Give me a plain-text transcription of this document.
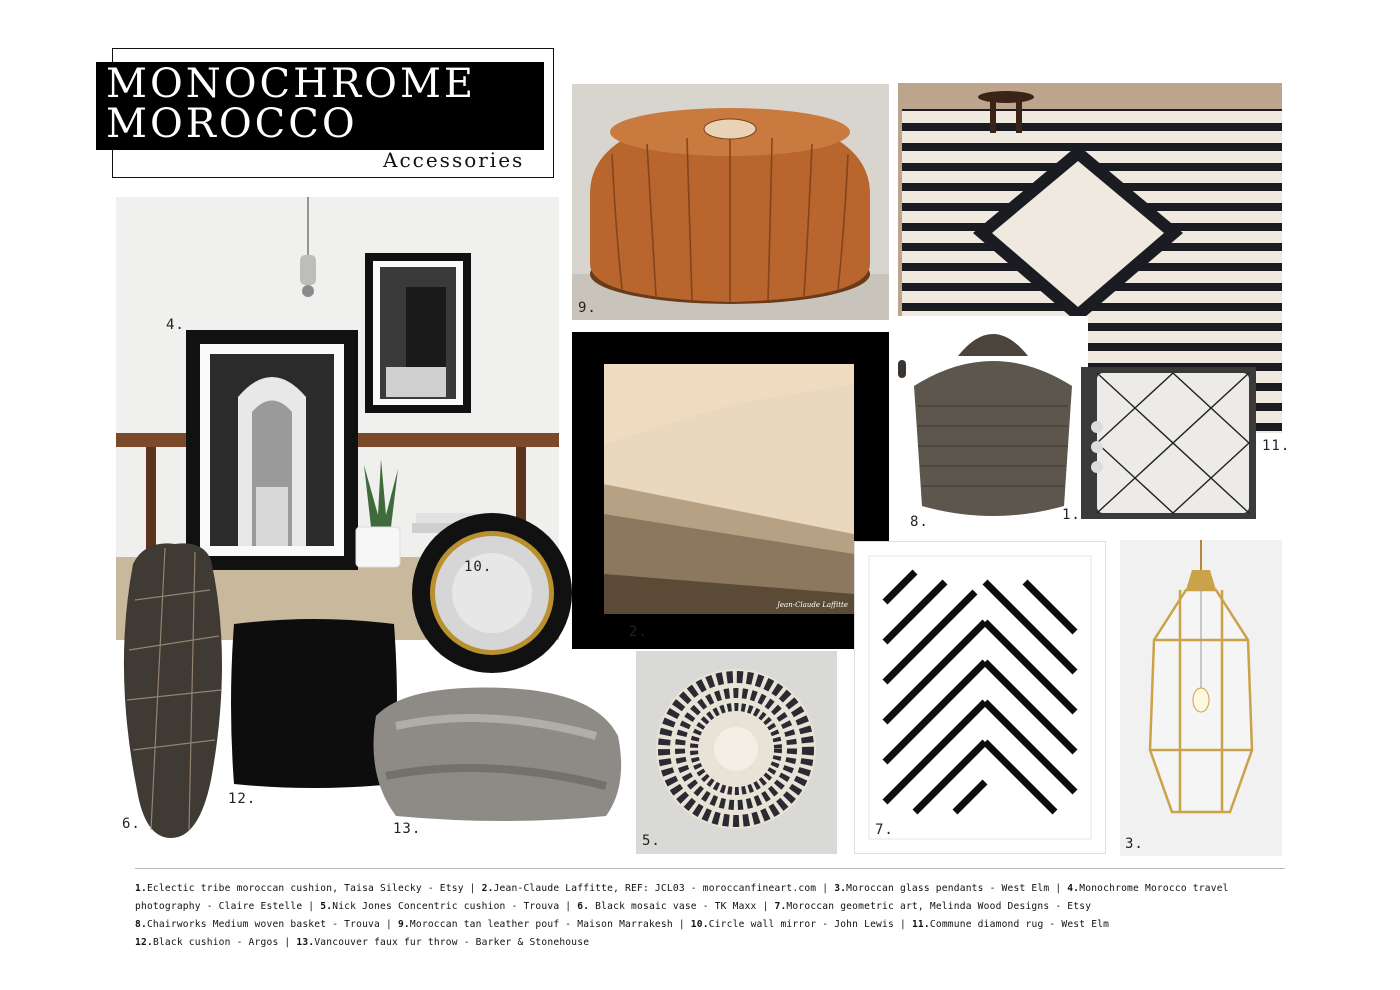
MONOCHROME
MOROCCO
Accessories
4.
9.
8.	1.
11.
Jean-Claude Laffitte
2.
10.
6.
12.
13.
5.
7.
3.
1.Eclectic tribe moroccan cushion, Taisa Silecky - Etsy | 2.Jean-Claude Laffitte, REF: JCL03 - moroccanfineart.com | 3.Moroccan glass pendants - West Elm | 4.Monochrome Morocco travel photography - Claire Estelle | 5.Nick Jones Concentric cushion - Trouva | 6. Black mosaic vase - TK Maxx | 7.Moroccan geometric art, Melinda Wood Designs - Etsy
8.Chairworks Medium woven basket - Trouva | 9.Moroccan tan leather pouf - Maison Marrakesh | 10.Circle wall mirror - John Lewis | 11.Commune diamond rug - West Elm
12.Black cushion - Argos | 13.Vancouver faux fur throw - Barker & Stonehouse
